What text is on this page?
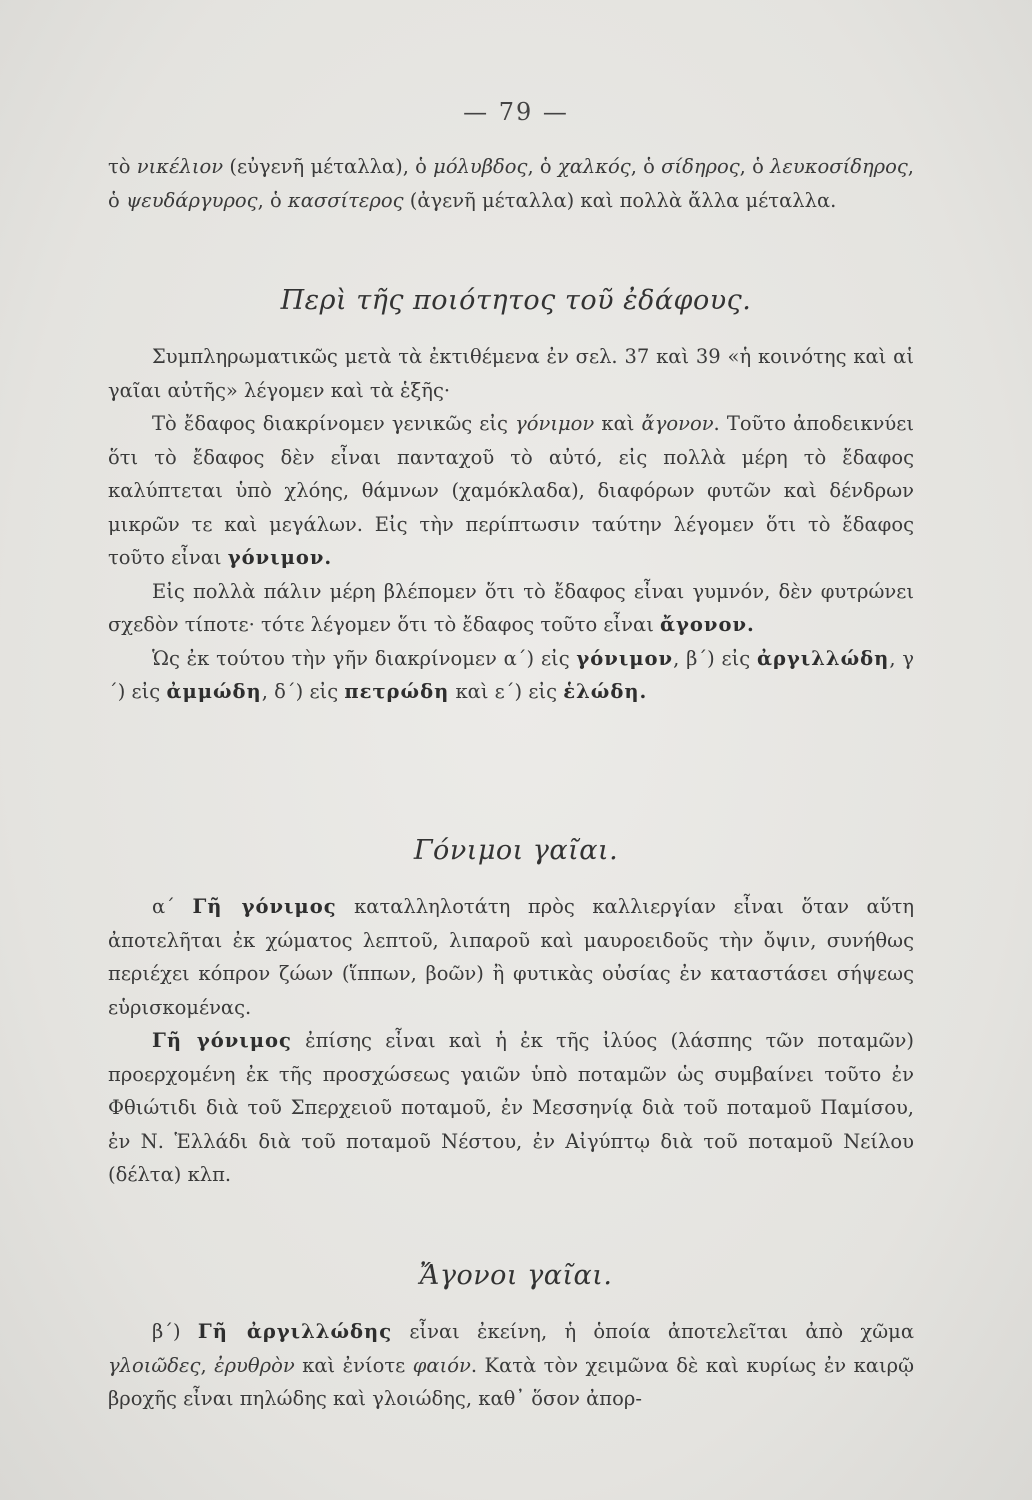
— 79 —

τὸ νικέλιον (εὐγενῆ μέταλλα), ὁ μόλυβδος, ὁ χαλκός, ὁ σίδηρος, ὁ λευκοσίδηρος, ὁ ψευδάργυρος, ὁ κασσίτερος (ἀγενῆ μέταλλα) καὶ πολλὰ ἄλλα μέταλλα.

Περὶ τῆς ποιότητος τοῦ ἐδάφους.

Συμπληρωματικῶς μετὰ τὰ ἐκτιθέμενα ἐν σελ. 37 καὶ 39 «ἡ κοινότης καὶ αἱ γαῖαι αὐτῆς» λέγομεν καὶ τὰ ἑξῆς·

Τὸ ἔδαφος διακρίνομεν γενικῶς εἰς γόνιμον καὶ ἄγονον. Τοῦτο ἀποδεικνύει ὅτι τὸ ἔδαφος δὲν εἶναι πανταχοῦ τὸ αὐτό, εἰς πολλὰ μέρη τὸ ἔδαφος καλύπτεται ὑπὸ χλόης, θάμνων (χαμόκλαδα), διαφόρων φυτῶν καὶ δένδρων μικρῶν τε καὶ μεγάλων. Εἰς τὴν περίπτωσιν ταύτην λέγομεν ὅτι τὸ ἔδαφος τοῦτο εἶναι γόνιμον.

Εἰς πολλὰ πάλιν μέρη βλέπομεν ὅτι τὸ ἔδαφος εἶναι γυμνόν, δὲν φυτρώνει σχεδὸν τίποτε· τότε λέγομεν ὅτι τὸ ἔδαφος τοῦτο εἶναι ἄγονον.

Ὡς ἐκ τούτου τὴν γῆν διακρίνομεν α´) εἰς γόνιμον, β´) εἰς ἀργιλλώδη, γ´) εἰς ἀμμώδη, δ´) εἰς πετρώδη καὶ ε´) εἰς ἑλώδη.

Γόνιμοι γαῖαι.

α´ Γῆ γόνιμος καταλληλοτάτη πρὸς καλλιεργίαν εἶναι ὅταν αὕτη ἀποτελῆται ἐκ χώματος λεπτοῦ, λιπαροῦ καὶ μαυροειδοῦς τὴν ὄψιν, συνήθως περιέχει κόπρον ζώων (ἵππων, βοῶν) ἢ φυτικὰς οὐσίας ἐν καταστάσει σήψεως εὑρισκομένας.

Γῆ γόνιμος ἐπίσης εἶναι καὶ ἡ ἐκ τῆς ἰλύος (λάσπης τῶν ποταμῶν) προερχομένη ἐκ τῆς προσχώσεως γαιῶν ὑπὸ ποταμῶν ὡς συμβαίνει τοῦτο ἐν Φθιώτιδι διὰ τοῦ Σπερχειοῦ ποταμοῦ, ἐν Μεσσηνίᾳ διὰ τοῦ ποταμοῦ Παμίσου, ἐν Ν. Ἑλλάδι διὰ τοῦ ποταμοῦ Νέστου, ἐν Αἰγύπτῳ διὰ τοῦ ποταμοῦ Νείλου (δέλτα) κλπ.

Ἄγονοι γαῖαι.

β´) Γῆ ἀργιλλώδης εἶναι ἐκείνη, ἡ ὁποία ἀποτελεῖται ἀπὸ χῶμα γλοιῶδες, ἐρυθρὸν καὶ ἐνίοτε φαιόν. Κατὰ τὸν χειμῶνα δὲ καὶ κυρίως ἐν καιρῷ βροχῆς εἶναι πηλώδης καὶ γλοιώδης, καθ᾽ ὅσον ἀπορ-
